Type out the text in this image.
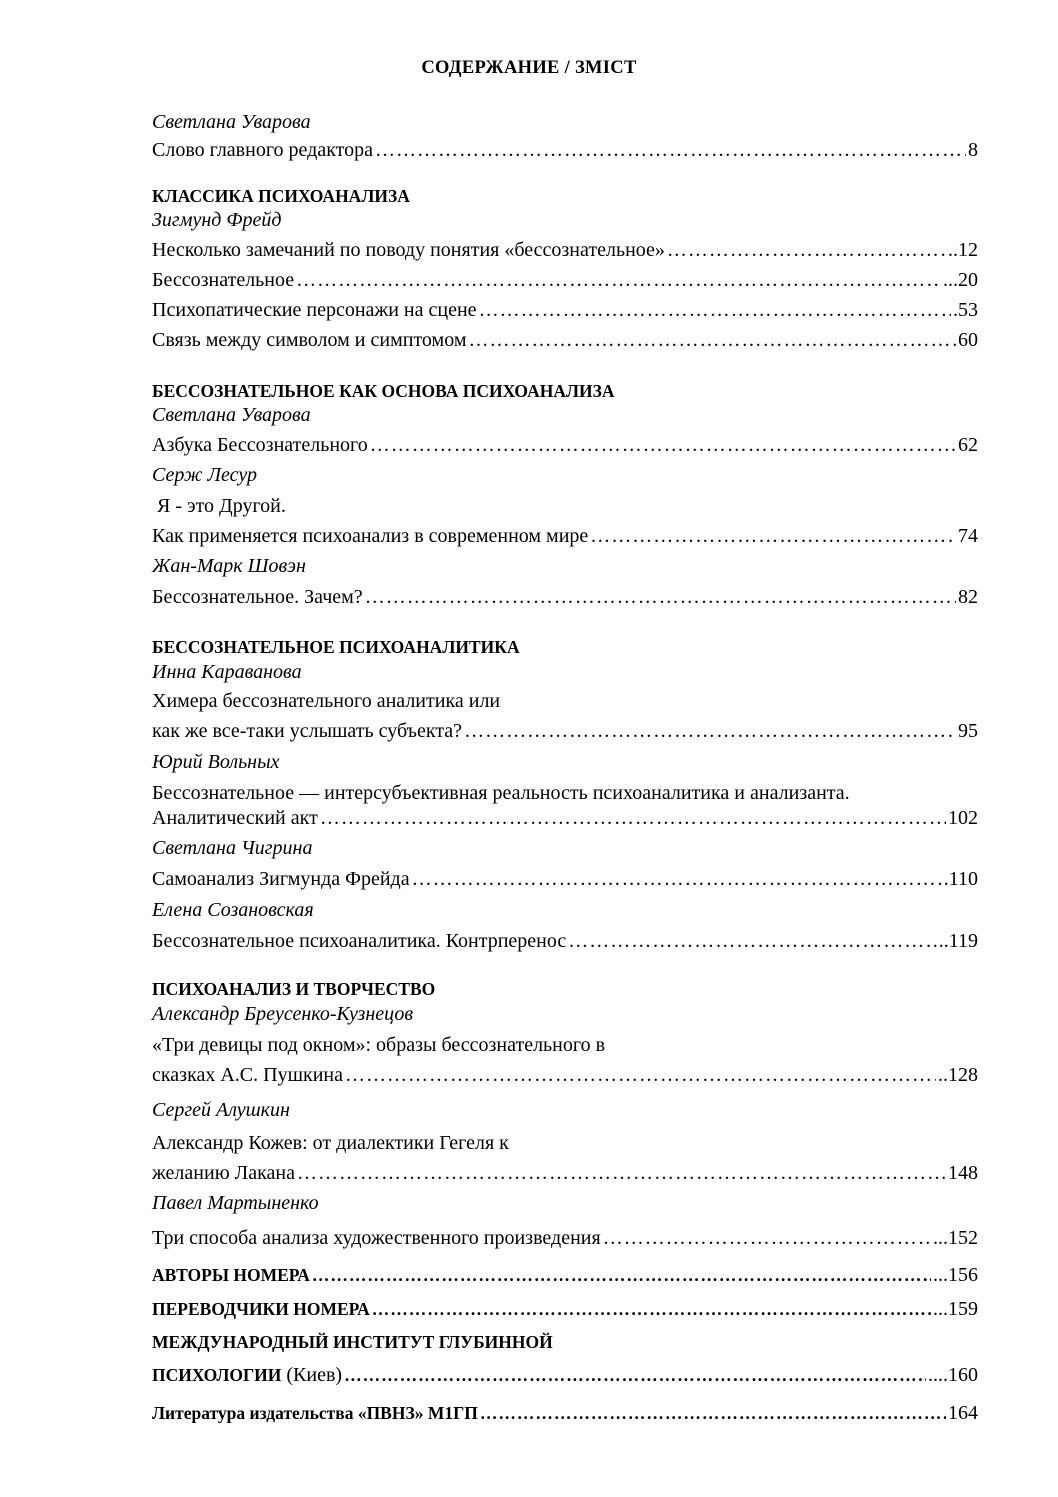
СОДЕРЖАНИЕ / ЗМІСТ
Светлана Уварова
Слово главного редактора ………………………………………………………………………………………………………………………………………………………………………………………………………………………………………………………………………………………………	8
КЛАССИКА ПСИХОАНАЛИЗА
Зигмунд Фрейд
Несколько замечаний по поводу понятия «бессознательное» ………………………………………………………………………………………………………………………………………………………………………………………………………………………………………………………………………………………………	..12
Бессознательное ………………………………………………………………………………………………………………………………………………………………………………………………………………………………………………………………………………………………	...20
Психопатические персонажи на сцене ………………………………………………………………………………………………………………………………………………………………………………………………………………………………………………………………………………………………	.53
Связь между символом и симптомом ………………………………………………………………………………………………………………………………………………………………………………………………………………………………………………………………………………………………	60
БЕССОЗНАТЕЛЬНОЕ КАК ОСНОВА ПСИХОАНАЛИЗА
Светлана Уварова
Азбука Бессознательного ………………………………………………………………………………………………………………………………………………………………………………………………………………………………………………………………………………………………	62
Серж Лесур
Я - это Другой.
Как применяется психоанализ в современном мире ………………………………………………………………………………………………………………………………………………………………………………………………………………………………………………………………………………………………	74
Жан-Марк Шовэн
Бессознательное. Зачем? ………………………………………………………………………………………………………………………………………………………………………………………………………………………………………………………………………………………………	82
БЕССОЗНАТЕЛЬНОЕ ПСИХОАНАЛИТИКА
Инна Караванова
Химера бессознательного аналитика или
как же все-таки услышать субъекта? ………………………………………………………………………………………………………………………………………………………………………………………………………………………………………………………………………………………………	95
Юрий Вольных
Бессознательное — интерсубъективная реальность психоаналитика и анализанта.
Аналитический акт ………………………………………………………………………………………………………………………………………………………………………………………………………………………………………………………………………………………………	102
Светлана Чигрина
Самоанализ Зигмунда Фрейда ………………………………………………………………………………………………………………………………………………………………………………………………………………………………………………………………………………………………	.110
Елена Созановская
Бессознательное психоаналитика. Контрперенос ………………………………………………………………………………………………………………………………………………………………………………………………………………………………………………………………………………………………	..119
ПСИХОАНАЛИЗ И ТВОРЧЕСТВО
Александр Бреусенко-Кузнецов
«Три девицы под окном»: образы бессознательного в
сказках А.С. Пушкина ………………………………………………………………………………………………………………………………………………………………………………………………………………………………………………………………………………………………	..128
Сергей Алушкин
Александр Кожев: от диалектики Гегеля к
желанию Лакана ………………………………………………………………………………………………………………………………………………………………………………………………………………………………………………………………………………………………	148
Павел Мартыненко
Три способа анализа художественного произведения ………………………………………………………………………………………………………………………………………………………………………………………………………………………………………………………………………………………………	...152
АВТОРЫ НОМЕРА ………………………………………………………………………………………………………………………………………………………………………………………………………………………………………………………………………………………………	...156
ПЕРЕВОДЧИКИ НОМЕРА ………………………………………………………………………………………………………………………………………………………………………………………………………………………………………………………………………………………………	...159
МЕЖДУНАРОДНЫЙ ИНСТИТУТ ГЛУБИННОЙ
ПСИХОЛОГИИ (Киев) ………………………………………………………………………………………………………………………………………………………………………………………………………………………………………………………………………………………………	....160
Литература издательства «ПВНЗ» М1ГП ………………………………………………………………………………………………………………………………………………………………………………………………………………………………………………………………………………………………	164
